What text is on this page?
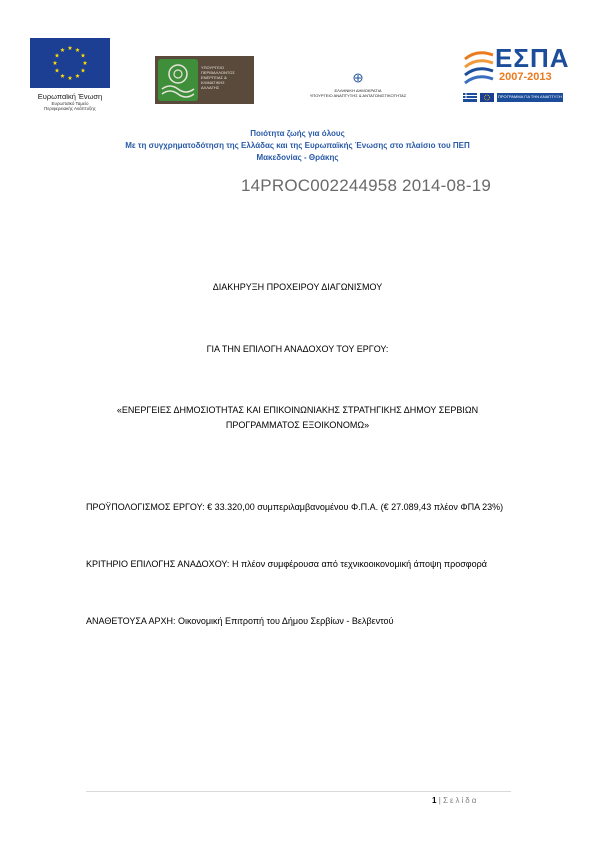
Ευρωπαϊκή Ένωση
Ευρωπαϊκό Ταμείο
Περιφερειακής Ανάπτυξης
ΥΠΟΥΡΓΕΙΟ
ΠΕΡΙΒΑΛΛΟΝΤΟΣ
ΕΝΕΡΓΕΙΑΣ &
ΚΛΙΜΑΤΙΚΗΣ
ΑΛΛΑΓΗΣ
ΕΛΛΗΝΙΚΗ ΔΗΜΟΚΡΑΤΙΑ
ΥΠΟΥΡΓΕΙΟ ΑΝΑΠΤΥΞΗΣ & ΑΝΤΑΓΩΝΙΣΤΙΚΟΤΗΤΑΣ
ΕΣΠΑ
2007-2013
ΠΡΟΓΡΑΜΜΑ ΓΙΑ ΤΗΝ ΑΝΑΠΤΥΞΗ
Ποιότητα ζωής για όλους
Με τη συγχρηματοδότηση της Ελλάδας και της Ευρωπαϊκής Ένωσης στο πλαίσιο του ΠΕΠ
Μακεδονίας - Θράκης
14PROC002244958 2014-08-19
ΔΙΑΚΗΡΥΞΗ ΠΡΟΧΕΙΡΟΥ ΔΙΑΓΩΝΙΣΜΟΥ
ΓΙΑ ΤΗΝ ΕΠΙΛΟΓΗ ΑΝΑΔΟΧΟΥ ΤΟΥ ΕΡΓΟΥ:
«ΕΝΕΡΓΕΙΕΣ ΔΗΜΟΣΙΟΤΗΤΑΣ ΚΑΙ ΕΠΙΚΟΙΝΩΝΙΑΚΗΣ ΣΤΡΑΤΗΓΙΚΗΣ ΔΗΜΟΥ ΣΕΡΒΙΩΝ
ΠΡΟΓΡΑΜΜΑΤΟΣ ΕΞΟΙΚΟΝΟΜΩ»
ΠΡΟΫΠΟΛΟΓΙΣΜΟΣ ΕΡΓΟΥ: € 33.320,00 συμπεριλαμβανομένου Φ.Π.Α. (€ 27.089,43 πλέον ΦΠΑ 23%)
ΚΡΙΤΗΡΙΟ ΕΠΙΛΟΓΗΣ ΑΝΑΔΟΧΟΥ: Η πλέον συμφέρουσα από τεχνικοοικονομική άποψη προσφορά
ΑΝΑΘΕΤΟΥΣΑ ΑΡΧΗ: Οικονομική Επιτροπή του Δήμου Σερβίων - Βελβεντού
1 | Σελίδα
